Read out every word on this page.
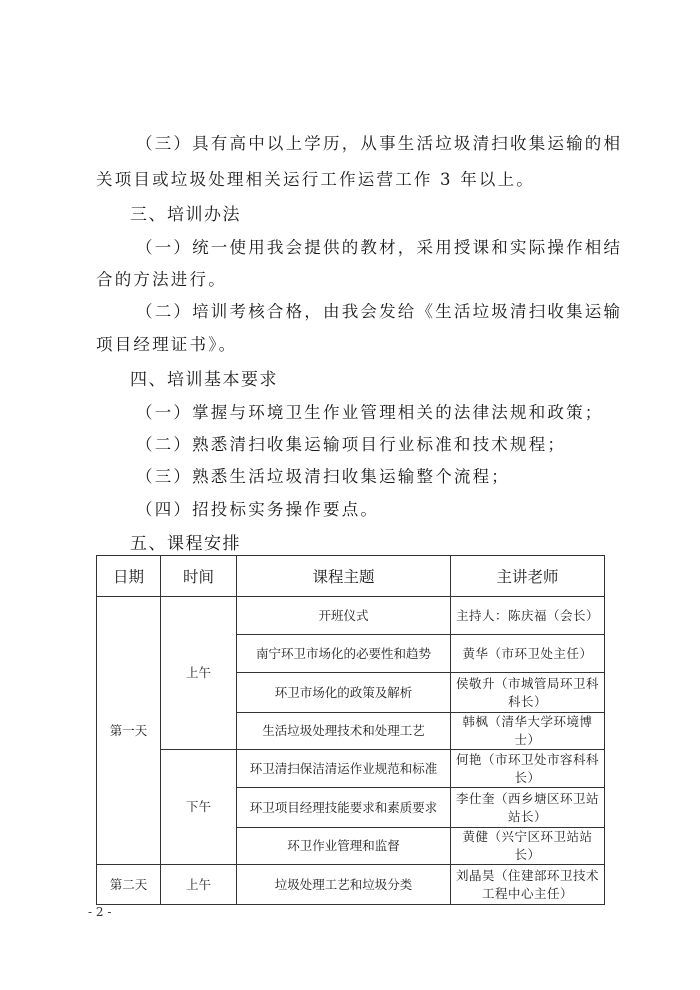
（三）具有高中以上学历，从事生活垃圾清扫收集运输的相
关项目或垃圾处理相关运行工作运营工作 3 年以上。
三、培训办法
（一）统一使用我会提供的教材，采用授课和实际操作相结
合的方法进行。
（二）培训考核合格，由我会发给《生活垃圾清扫收集运输
项目经理证书》。
四、培训基本要求
（一）掌握与环境卫生作业管理相关的法律法规和政策；
（二）熟悉清扫收集运输项目行业标准和技术规程；
（三）熟悉生活垃圾清扫收集运输整个流程；
（四）招投标实务操作要点。
五、课程安排
日期	时间	课程主题	主讲老师
第一天	上午	开班仪式	主持人：陈庆福（会长）
		南宁环卫市场化的必要性和趋势	黄华（市环卫处主任）
		环卫市场化的政策及解析	侯敬升（市城管局环卫科科长）
		生活垃圾处理技术和处理工艺	韩枫（清华大学环境博士）
	下午	环卫清扫保洁清运作业规范和标准	何艳（市环卫处市容科科长）
		环卫项目经理技能要求和素质要求	李仕奎（西乡塘区环卫站站长）
		环卫作业管理和监督	黄健（兴宁区环卫站站长）
第二天	上午	垃圾处理工艺和垃圾分类	刘晶昊（住建部环卫技术工程中心主任）
- 2 -
